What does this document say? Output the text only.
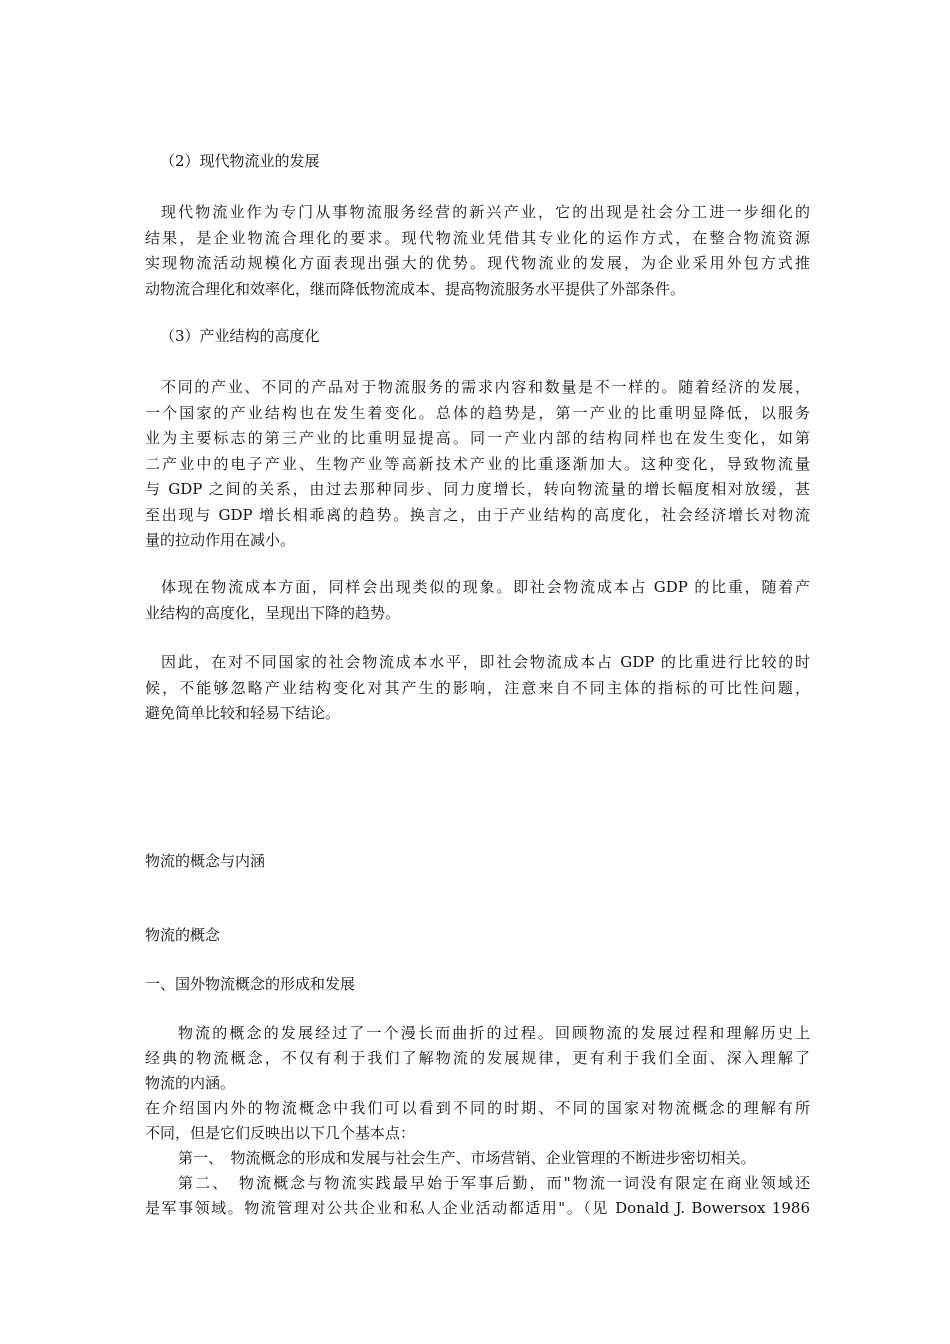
（2）现代物流业的发展
现代物流业作为专门从事物流服务经营的新兴产业，它的出现是社会分工进一步细化的
结果，是企业物流合理化的要求。现代物流业凭借其专业化的运作方式，在整合物流资源
实现物流活动规模化方面表现出强大的优势。现代物流业的发展，为企业采用外包方式推
动物流合理化和效率化，继而降低物流成本、提高物流服务水平提供了外部条件。
（3）产业结构的高度化
不同的产业、不同的产品对于物流服务的需求内容和数量是不一样的。随着经济的发展，
一个国家的产业结构也在发生着变化。总体的趋势是，第一产业的比重明显降低，以服务
业为主要标志的第三产业的比重明显提高。同一产业内部的结构同样也在发生变化，如第
二产业中的电子产业、生物产业等高新技术产业的比重逐渐加大。这种变化，导致物流量
与 GDP 之间的关系，由过去那种同步、同力度增长，转向物流量的增长幅度相对放缓，甚
至出现与 GDP 增长相乖离的趋势。换言之，由于产业结构的高度化，社会经济增长对物流
量的拉动作用在减小。
体现在物流成本方面，同样会出现类似的现象。即社会物流成本占 GDP 的比重，随着产
业结构的高度化，呈现出下降的趋势。
因此，在对不同国家的社会物流成本水平，即社会物流成本占 GDP 的比重进行比较的时
候，不能够忽略产业结构变化对其产生的影响，注意来自不同主体的指标的可比性问题，
避免简单比较和轻易下结论。
物流的概念与内涵
物流的概念
一、国外物流概念的形成和发展
物流的概念的发展经过了一个漫长而曲折的过程。回顾物流的发展过程和理解历史上
经典的物流概念，不仅有利于我们了解物流的发展规律，更有利于我们全面、深入理解了
物流的内涵。
在介绍国内外的物流概念中我们可以看到不同的时期、不同的国家对物流概念的理解有所
不同，但是它们反映出以下几个基本点：
第一、　物流概念的形成和发展与社会生产、市场营销、企业管理的不断进步密切相关。
第二、　物流概念与物流实践最早始于军事后勤，而"物流一词没有限定在商业领域还
是军事领域。物流管理对公共企业和私人企业活动都适用"。（见 Donald J. Bowersox 1986
